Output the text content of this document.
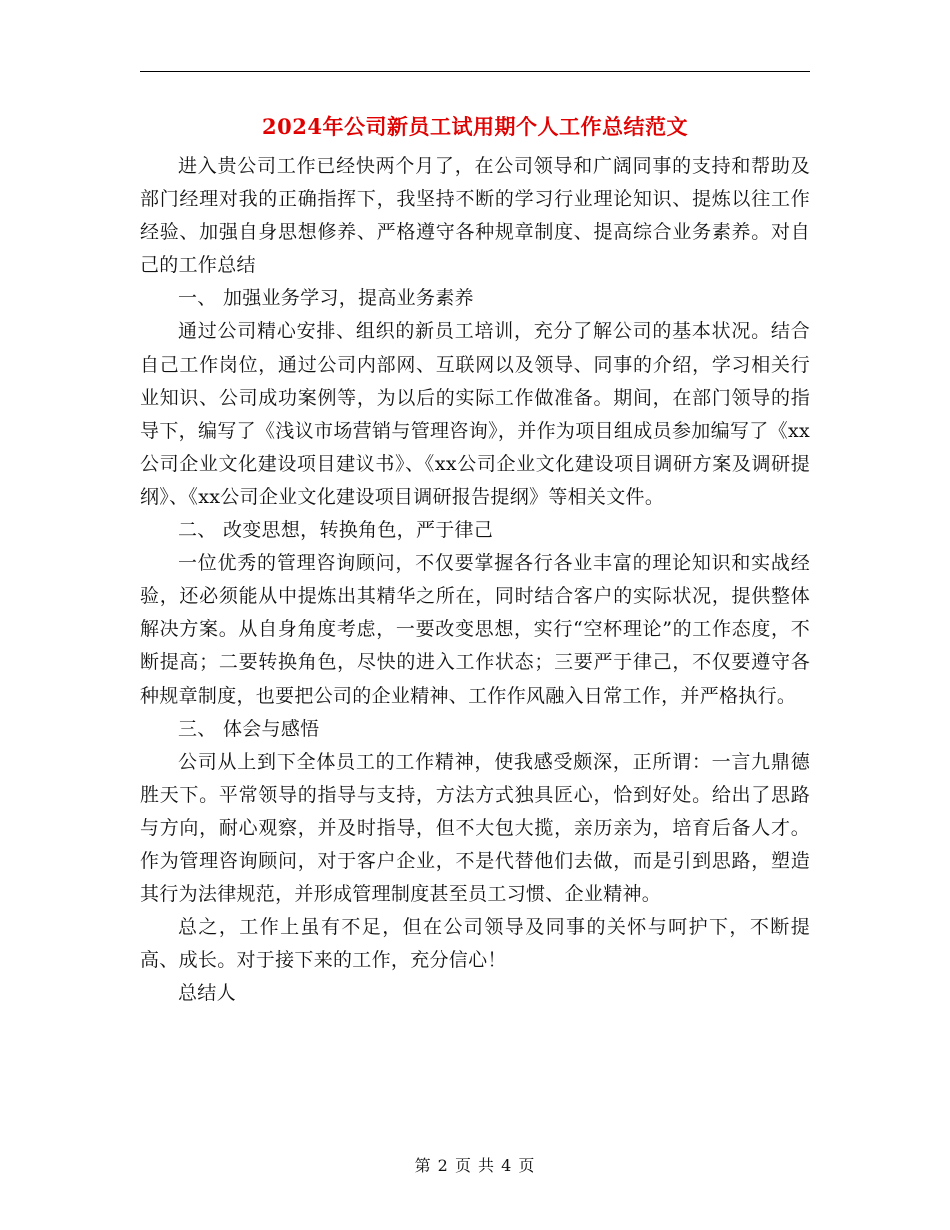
2024年公司新员工试用期个人工作总结范文

进入贵公司工作已经快两个月了，在公司领导和广阔同事的支持和帮助及部门经理对我的正确指挥下，我坚持不断的学习行业理论知识、提炼以往工作经验、加强自身思想修养、严格遵守各种规章制度、提高综合业务素养。对自己的工作总结

一、 加强业务学习，提高业务素养

通过公司精心安排、组织的新员工培训，充分了解公司的基本状况。结合自己工作岗位，通过公司内部网、互联网以及领导、同事的介绍，学习相关行业知识、公司成功案例等，为以后的实际工作做准备。期间，在部门领导的指导下，编写了《浅议市场营销与管理咨询》，并作为项目组成员参加编写了《xx公司企业文化建设项目建议书》、《xx公司企业文化建设项目调研方案及调研提纲》、《xx公司企业文化建设项目调研报告提纲》等相关文件。

二、 改变思想，转换角色，严于律己

一位优秀的管理咨询顾问，不仅要掌握各行各业丰富的理论知识和实战经验，还必须能从中提炼出其精华之所在，同时结合客户的实际状况，提供整体解决方案。从自身角度考虑，一要改变思想，实行“空杯理论”的工作态度，不断提高；二要转换角色，尽快的进入工作状态；三要严于律己，不仅要遵守各种规章制度，也要把公司的企业精神、工作作风融入日常工作，并严格执行。

三、 体会与感悟

公司从上到下全体员工的工作精神，使我感受颇深，正所谓：一言九鼎德胜天下。平常领导的指导与支持，方法方式独具匠心，恰到好处。给出了思路与方向，耐心观察，并及时指导，但不大包大揽，亲历亲为，培育后备人才。作为管理咨询顾问，对于客户企业，不是代替他们去做，而是引到思路，塑造其行为法律规范，并形成管理制度甚至员工习惯、企业精神。

总之，工作上虽有不足，但在公司领导及同事的关怀与呵护下，不断提高、成长。对于接下来的工作，充分信心！

总结人

第 2 页 共 4 页
